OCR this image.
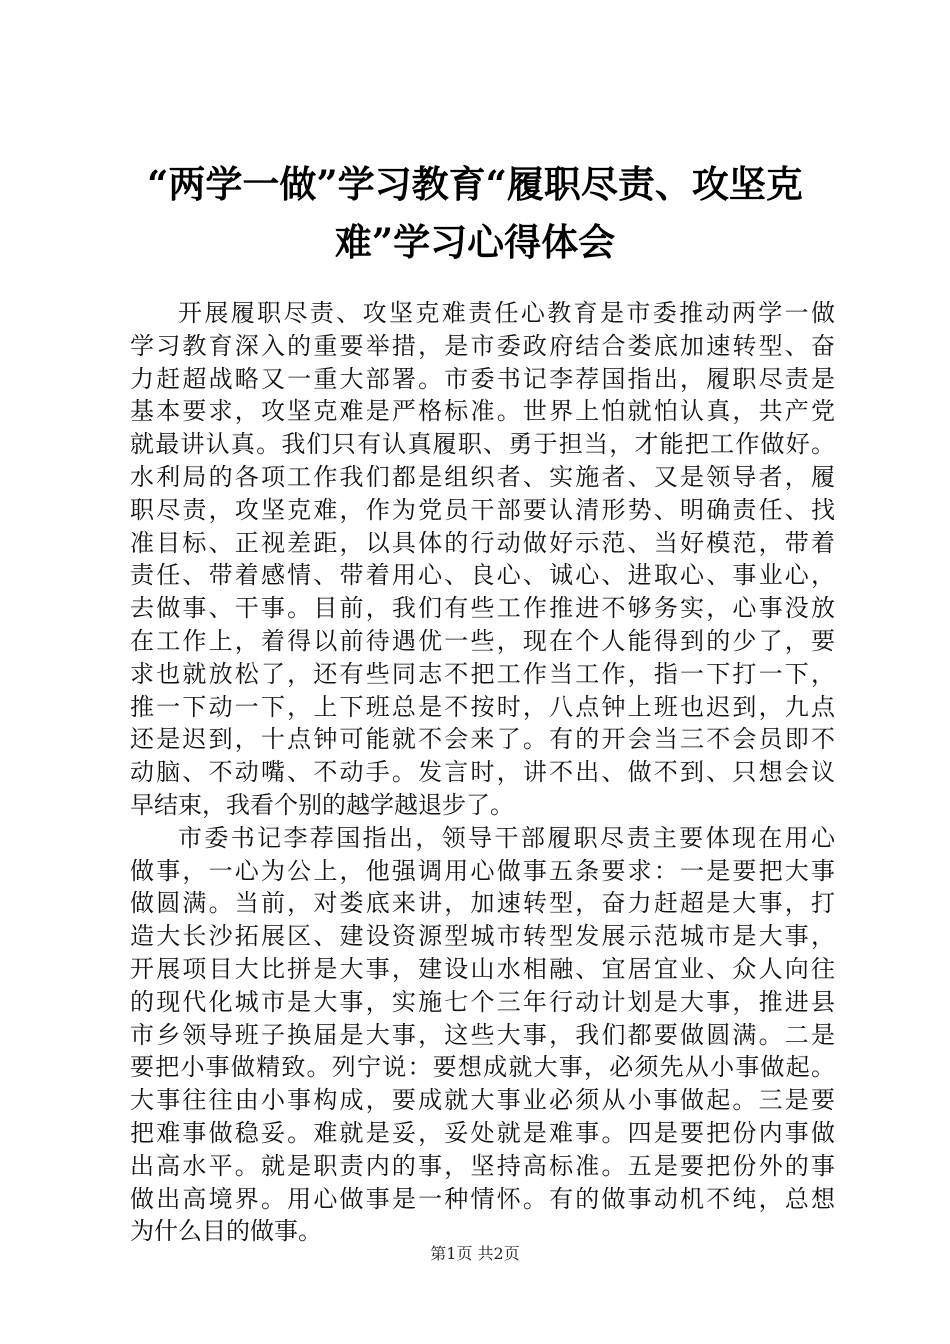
“两学一做”学习教育“履职尽责、攻坚克
难”学习心得体会
开展履职尽责、攻坚克难责任心教育是市委推动两学一做
学习教育深入的重要举措，是市委政府结合娄底加速转型、奋
力赶超战略又一重大部署。市委书记李荐国指出，履职尽责是
基本要求，攻坚克难是严格标准。世界上怕就怕认真，共产党
就最讲认真。我们只有认真履职、勇于担当，才能把工作做好。
水利局的各项工作我们都是组织者、实施者、又是领导者，履
职尽责，攻坚克难，作为党员干部要认清形势、明确责任、找
准目标、正视差距，以具体的行动做好示范、当好模范，带着
责任、带着感情、带着用心、良心、诚心、进取心、事业心，
去做事、干事。目前，我们有些工作推进不够务实，心事没放
在工作上，着得以前待遇优一些，现在个人能得到的少了，要
求也就放松了，还有些同志不把工作当工作，指一下打一下，
推一下动一下，上下班总是不按时，八点钟上班也迟到，九点
还是迟到，十点钟可能就不会来了。有的开会当三不会员即不
动脑、不动嘴、不动手。发言时，讲不出、做不到、只想会议
早结束，我看个别的越学越退步了。
市委书记李荐国指出，领导干部履职尽责主要体现在用心
做事，一心为公上，他强调用心做事五条要求：一是要把大事
做圆满。当前，对娄底来讲，加速转型，奋力赶超是大事，打
造大长沙拓展区、建设资源型城市转型发展示范城市是大事，
开展项目大比拼是大事，建设山水相融、宜居宜业、众人向往
的现代化城市是大事，实施七个三年行动计划是大事，推进县
市乡领导班子换届是大事，这些大事，我们都要做圆满。二是
要把小事做精致。列宁说：要想成就大事，必须先从小事做起。
大事往往由小事构成，要成就大事业必须从小事做起。三是要
把难事做稳妥。难就是妥，妥处就是难事。四是要把份内事做
出高水平。就是职责内的事，坚持高标准。五是要把份外的事
做出高境界。用心做事是一种情怀。有的做事动机不纯，总想
为什么目的做事。
第1页 共2页
